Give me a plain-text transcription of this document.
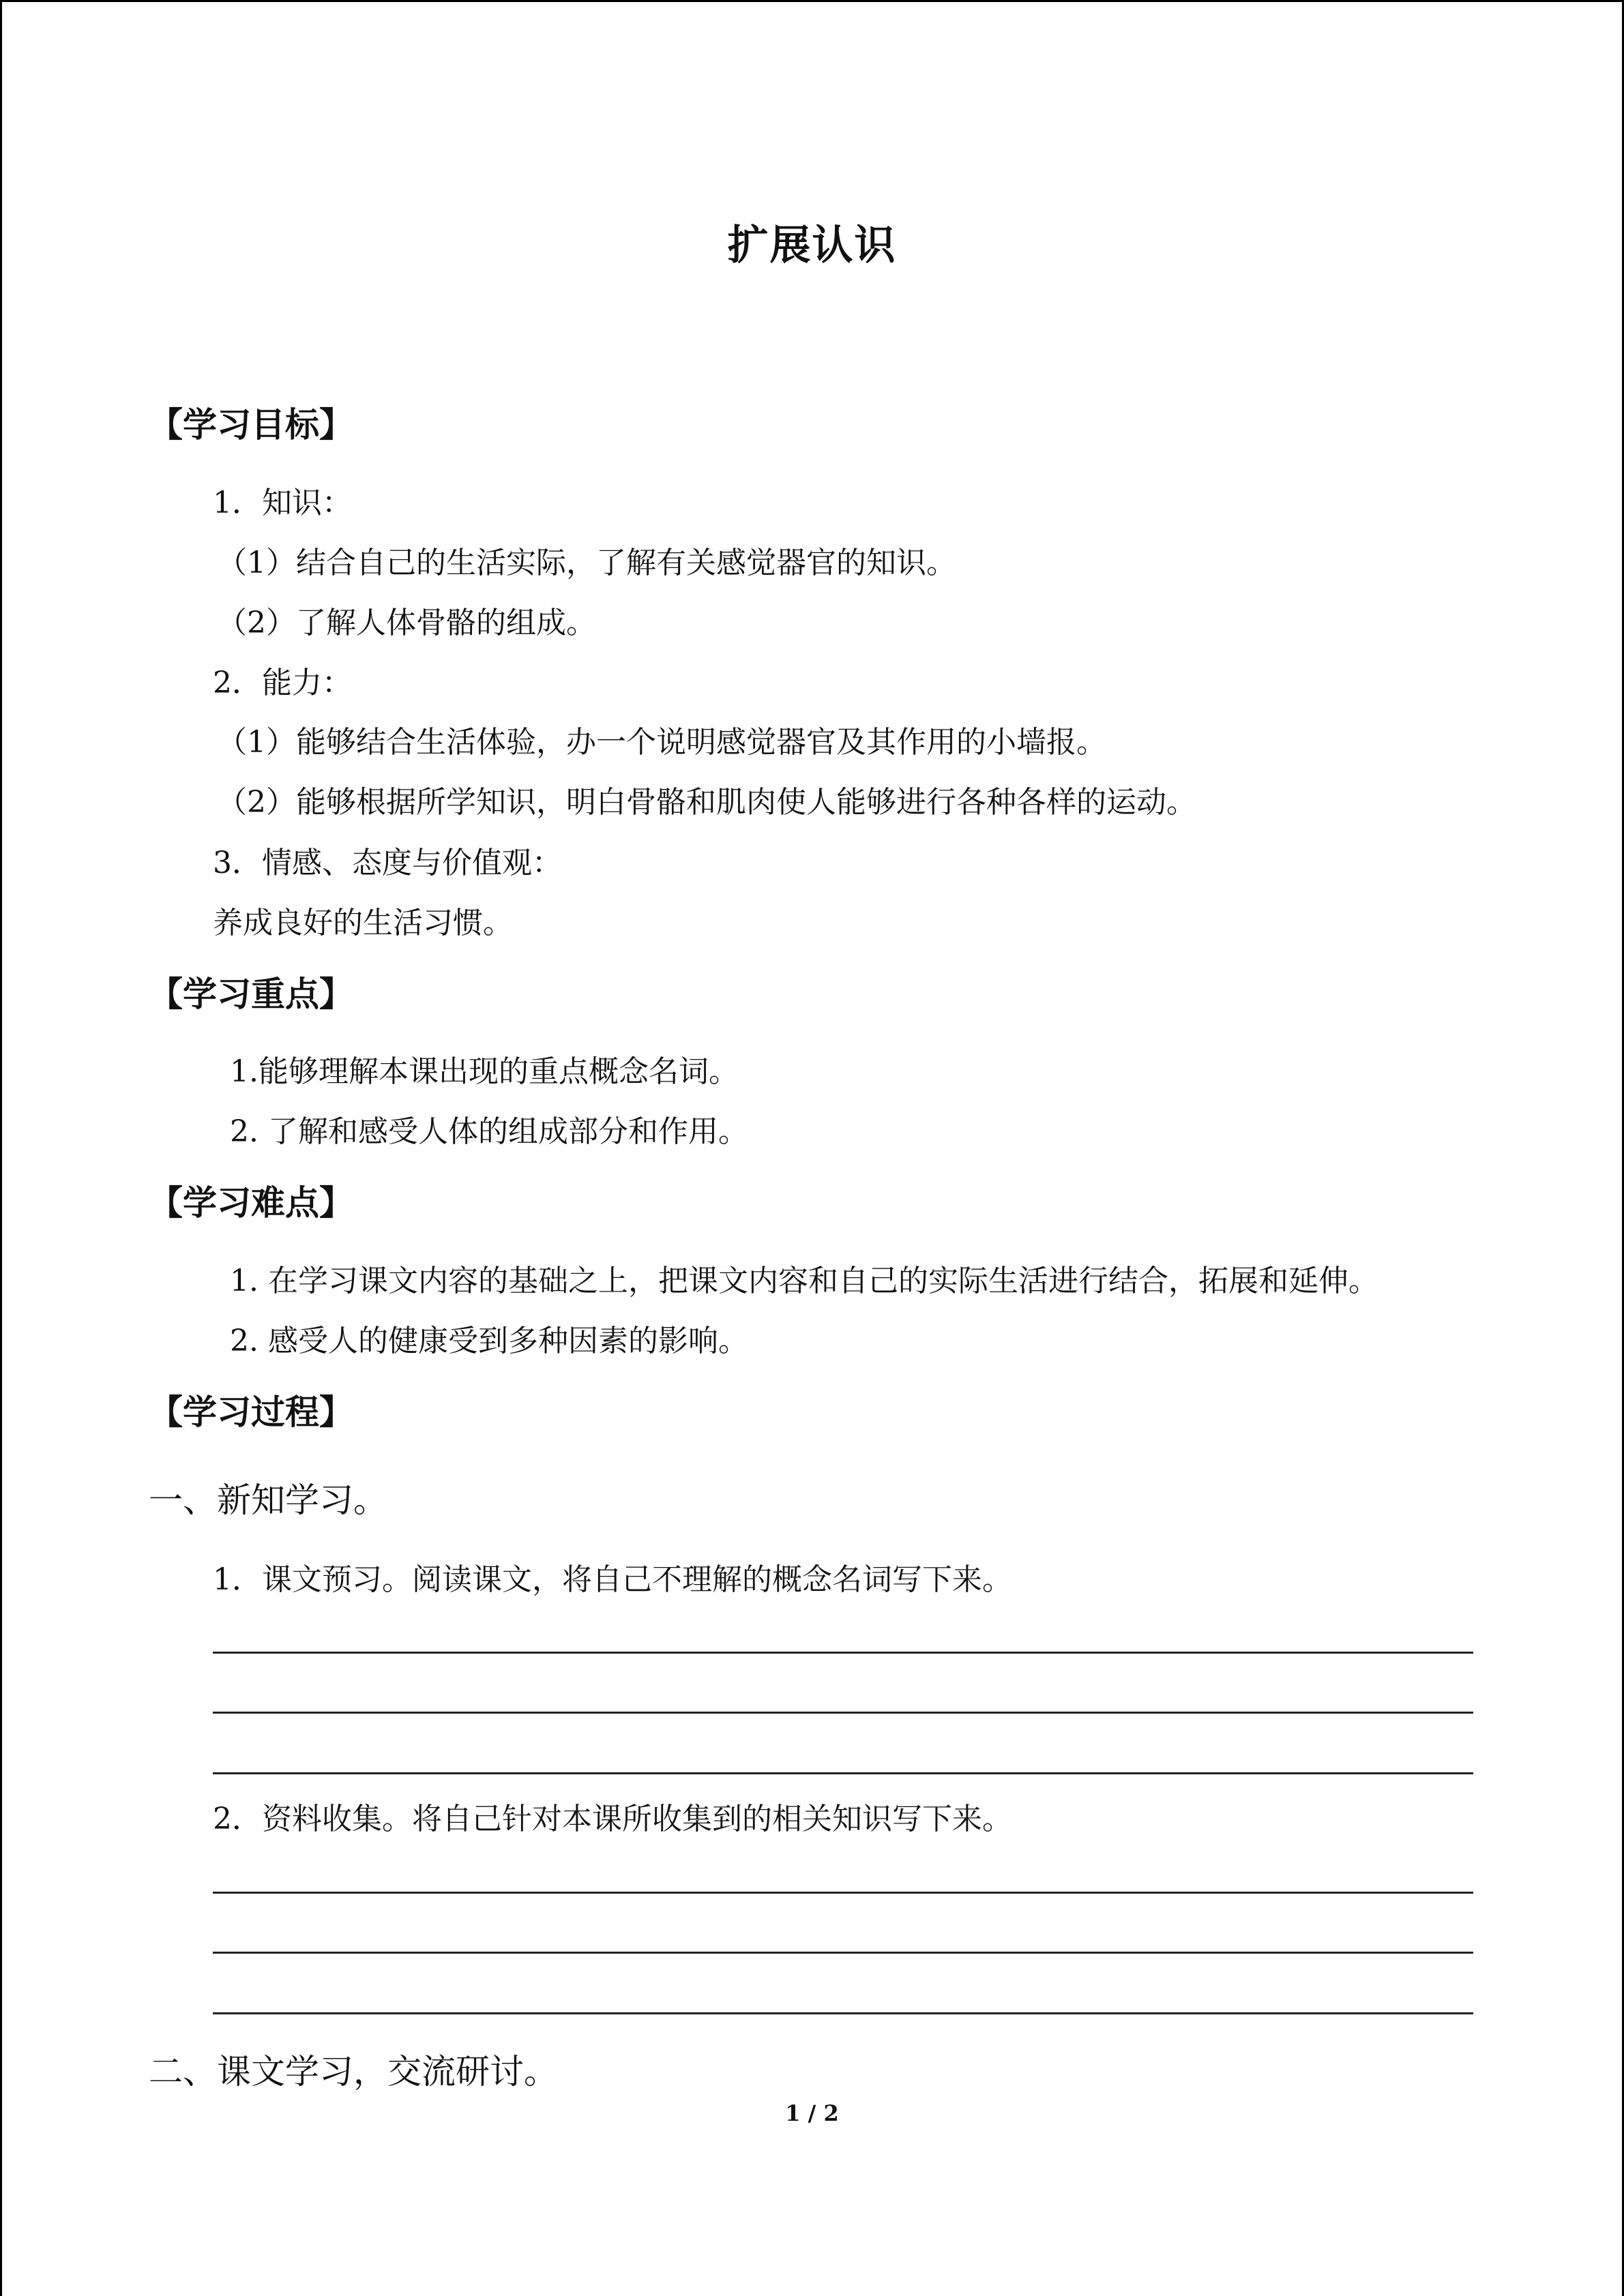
扩展认识
【学习目标】
1．知识：
（1）结合自己的生活实际，了解有关感觉器官的知识。
（2）了解人体骨骼的组成。
2．能力：
（1）能够结合生活体验，办一个说明感觉器官及其作用的小墙报。
（2）能够根据所学知识，明白骨骼和肌肉使人能够进行各种各样的运动。
3．情感、态度与价值观：
养成良好的生活习惯。
【学习重点】
1.能够理解本课出现的重点概念名词。
2. 了解和感受人体的组成部分和作用。
【学习难点】
1. 在学习课文内容的基础之上，把课文内容和自己的实际生活进行结合，拓展和延伸。
2. 感受人的健康受到多种因素的影响。
【学习过程】
一、新知学习。
1．课文预习。阅读课文，将自己不理解的概念名词写下来。
2．资料收集。将自己针对本课所收集到的相关知识写下来。
二、课文学习，交流研讨。
1 / 2
